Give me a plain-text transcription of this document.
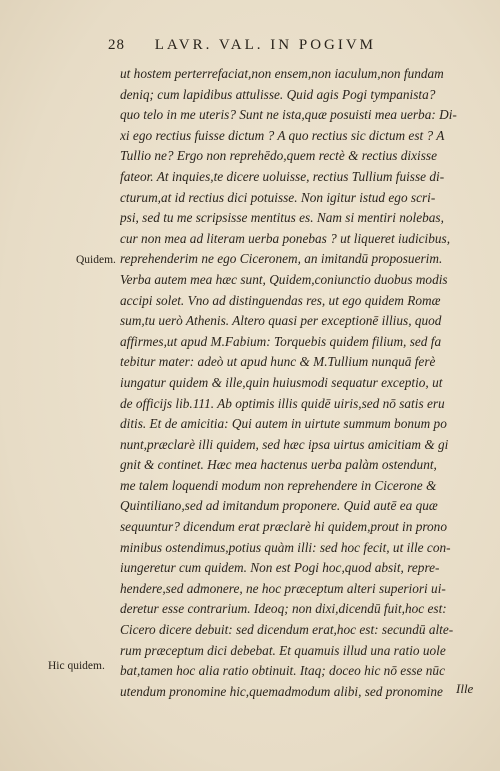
28 LAVR. VAL. IN POGIVM
Quidem.
Hic quidem.
ut hostem perterrefaciat,non ensem,non iaculum,non fundam
deniq; cum lapidibus attulisse. Quid agis Pogi tympanista?
quo telo in me uteris? Sunt ne ista,quæ posuisti mea uerba: Di-
xi ego rectius fuisse dictum ? A quo rectius sic dictum est ? A
Tullio ne? Ergo non reprehēdo,quem rectè & rectius dixisse
fateor. At inquies,te dicere uoluisse, rectius Tullium fuisse di-
cturum,at id rectius dici potuisse. Non igitur istud ego scri-
psi, sed tu me scripsisse mentitus es. Nam si mentiri nolebas,
cur non mea ad literam uerba ponebas ? ut liqueret iudicibus,
reprehenderim ne ego Ciceronem, an imitandū proposuerim.
Verba autem mea hæc sunt, Quidem,coniunctio duobus modis
accipi solet. Vno ad distinguendas res, ut ego quidem Romæ
sum,tu uerò Athenis. Altero quasi per exceptionē illius, quod
affirmes,ut apud M.Fabium: Torquebis quidem filium, sed fa
tebitur mater: adeò ut apud hunc & M.Tullium nunquā ferè
iungatur quidem & ille,quin huiusmodi sequatur exceptio, ut
de officijs lib.111. Ab optimis illis quidē uiris,sed nō satis eru
ditis. Et de amicitia: Qui autem in uirtute summum bonum po
nunt,præclarè illi quidem, sed hæc ipsa uirtus amicitiam & gi
gnit & continet. Hæc mea hactenus uerba palàm ostendunt,
me talem loquendi modum non reprehendere in Cicerone &
Quintiliano,sed ad imitandum proponere. Quid autē ea quæ
sequuntur? dicendum erat præclarè hi quidem,prout in prono
minibus ostendimus,potius quàm illi: sed hoc fecit, ut ille con-
iungeretur cum quidem. Non est Pogi hoc,quod absit, repre-
hendere,sed admonere, ne hoc præceptum alteri superiori ui-
deretur esse contrarium. Ideoq; non dixi,dicendū fuit,hoc est:
Cicero dicere debuit: sed dicendum erat,hoc est: secundū alte-
rum præceptum dici debebat. Et quamuis illud una ratio uole
bat,tamen hoc alia ratio obtinuit. Itaq; doceo hic nō esse nūc
utendum pronomine hic,quemadmodum alibi, sed pronomine	Ille
